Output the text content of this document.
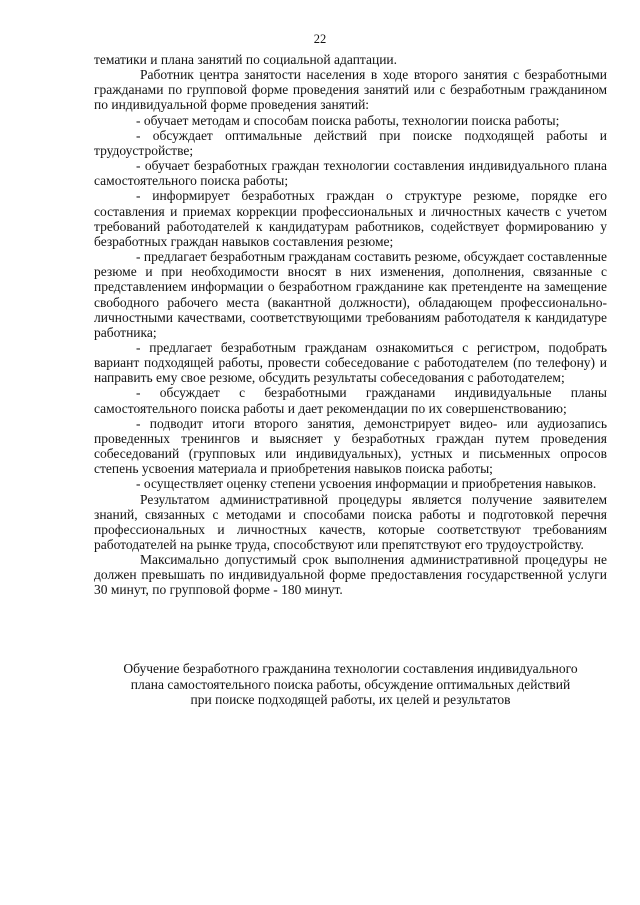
22

тематики и плана занятий по социальной адаптации.

Работник центра занятости населения в ходе второго занятия с безработными гражданами по групповой форме проведения занятий или с безработным гражданином по индивидуальной форме проведения занятий:

- обучает методам и способам поиска работы, технологии поиска работы;

- обсуждает оптимальные действий при поиске подходящей работы и трудоустройстве;

- обучает безработных граждан технологии составления индивидуального плана самостоятельного поиска работы;

- информирует безработных граждан о структуре резюме, порядке его составления и приемах коррекции профессиональных и личностных качеств с учетом требований работодателей к кандидатурам работников, содействует формированию у безработных граждан навыков составления резюме;

- предлагает безработным гражданам составить резюме, обсуждает составленные резюме и при необходимости вносят в них изменения, дополнения, связанные с представлением информации о безработном гражданине как претенденте на замещение свободного рабочего места (вакантной должности), обладающем профессионально-личностными качествами, соответствующими требованиям работодателя к кандидатуре работника;

- предлагает безработным гражданам ознакомиться с регистром, подобрать вариант подходящей работы, провести собеседование с работодателем (по телефону) и направить ему свое резюме, обсудить результаты собеседования с работодателем;

- обсуждает с безработными гражданами индивидуальные планы самостоятельного поиска работы и дает рекомендации по их совершенствованию;

- подводит итоги второго занятия, демонстрирует видео- или аудиозапись проведенных тренингов и выясняет у безработных граждан путем проведения собеседований (групповых или индивидуальных), устных и письменных опросов степень усвоения материала и приобретения навыков поиска работы;

- осуществляет оценку степени усвоения информации и приобретения навыков.

Результатом административной процедуры является получение заявителем знаний, связанных с методами и способами поиска работы и подготовкой перечня профессиональных и личностных качеств, которые соответствуют требованиям работодателей на рынке труда, способствуют или препятствуют его трудоустройству.

Максимально допустимый срок выполнения административной процедуры не должен превышать по индивидуальной форме предоставления государственной услуги 30 минут, по групповой форме - 180 минут.

Обучение безработного гражданина технологии составления индивидуального

плана самостоятельного поиска работы, обсуждение оптимальных действий

при поиске подходящей работы, их целей и результатов
